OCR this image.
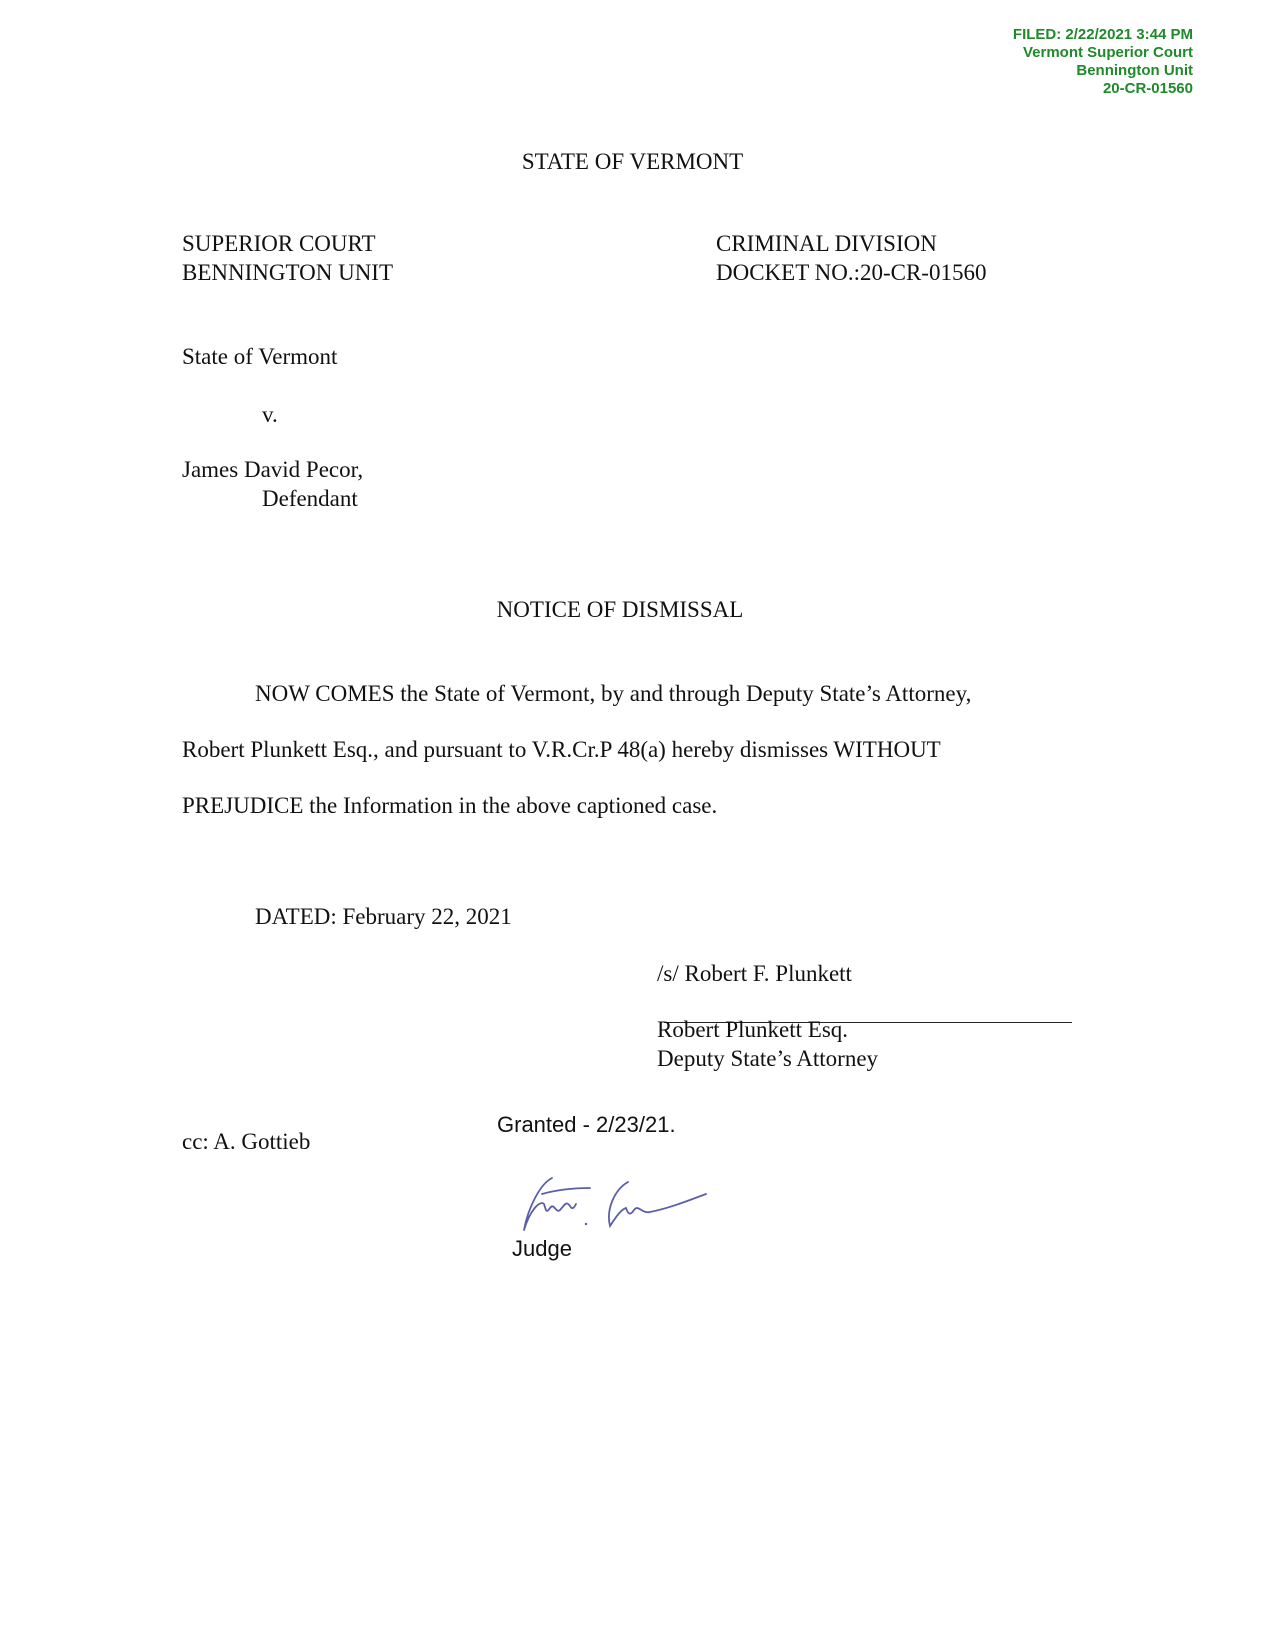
FILED: 2/22/2021 3:44 PM
Vermont Superior Court
Bennington Unit
20-CR-01560
STATE OF VERMONT
SUPERIOR COURT
BENNINGTON UNIT
CRIMINAL DIVISION
DOCKET NO.:20-CR-01560
State of Vermont
v.
James David Pecor,
Defendant
NOTICE OF DISMISSAL
NOW COMES the State of Vermont, by and through Deputy State’s Attorney,
Robert Plunkett Esq., and pursuant to V.R.Cr.P 48(a) hereby dismisses WITHOUT
PREJUDICE the Information in the above captioned case.
DATED: February 22, 2021
/s/ Robert F. Plunkett
Robert Plunkett Esq.
Deputy State’s Attorney
cc: A. Gottieb
Granted - 2/23/21.
Judge
